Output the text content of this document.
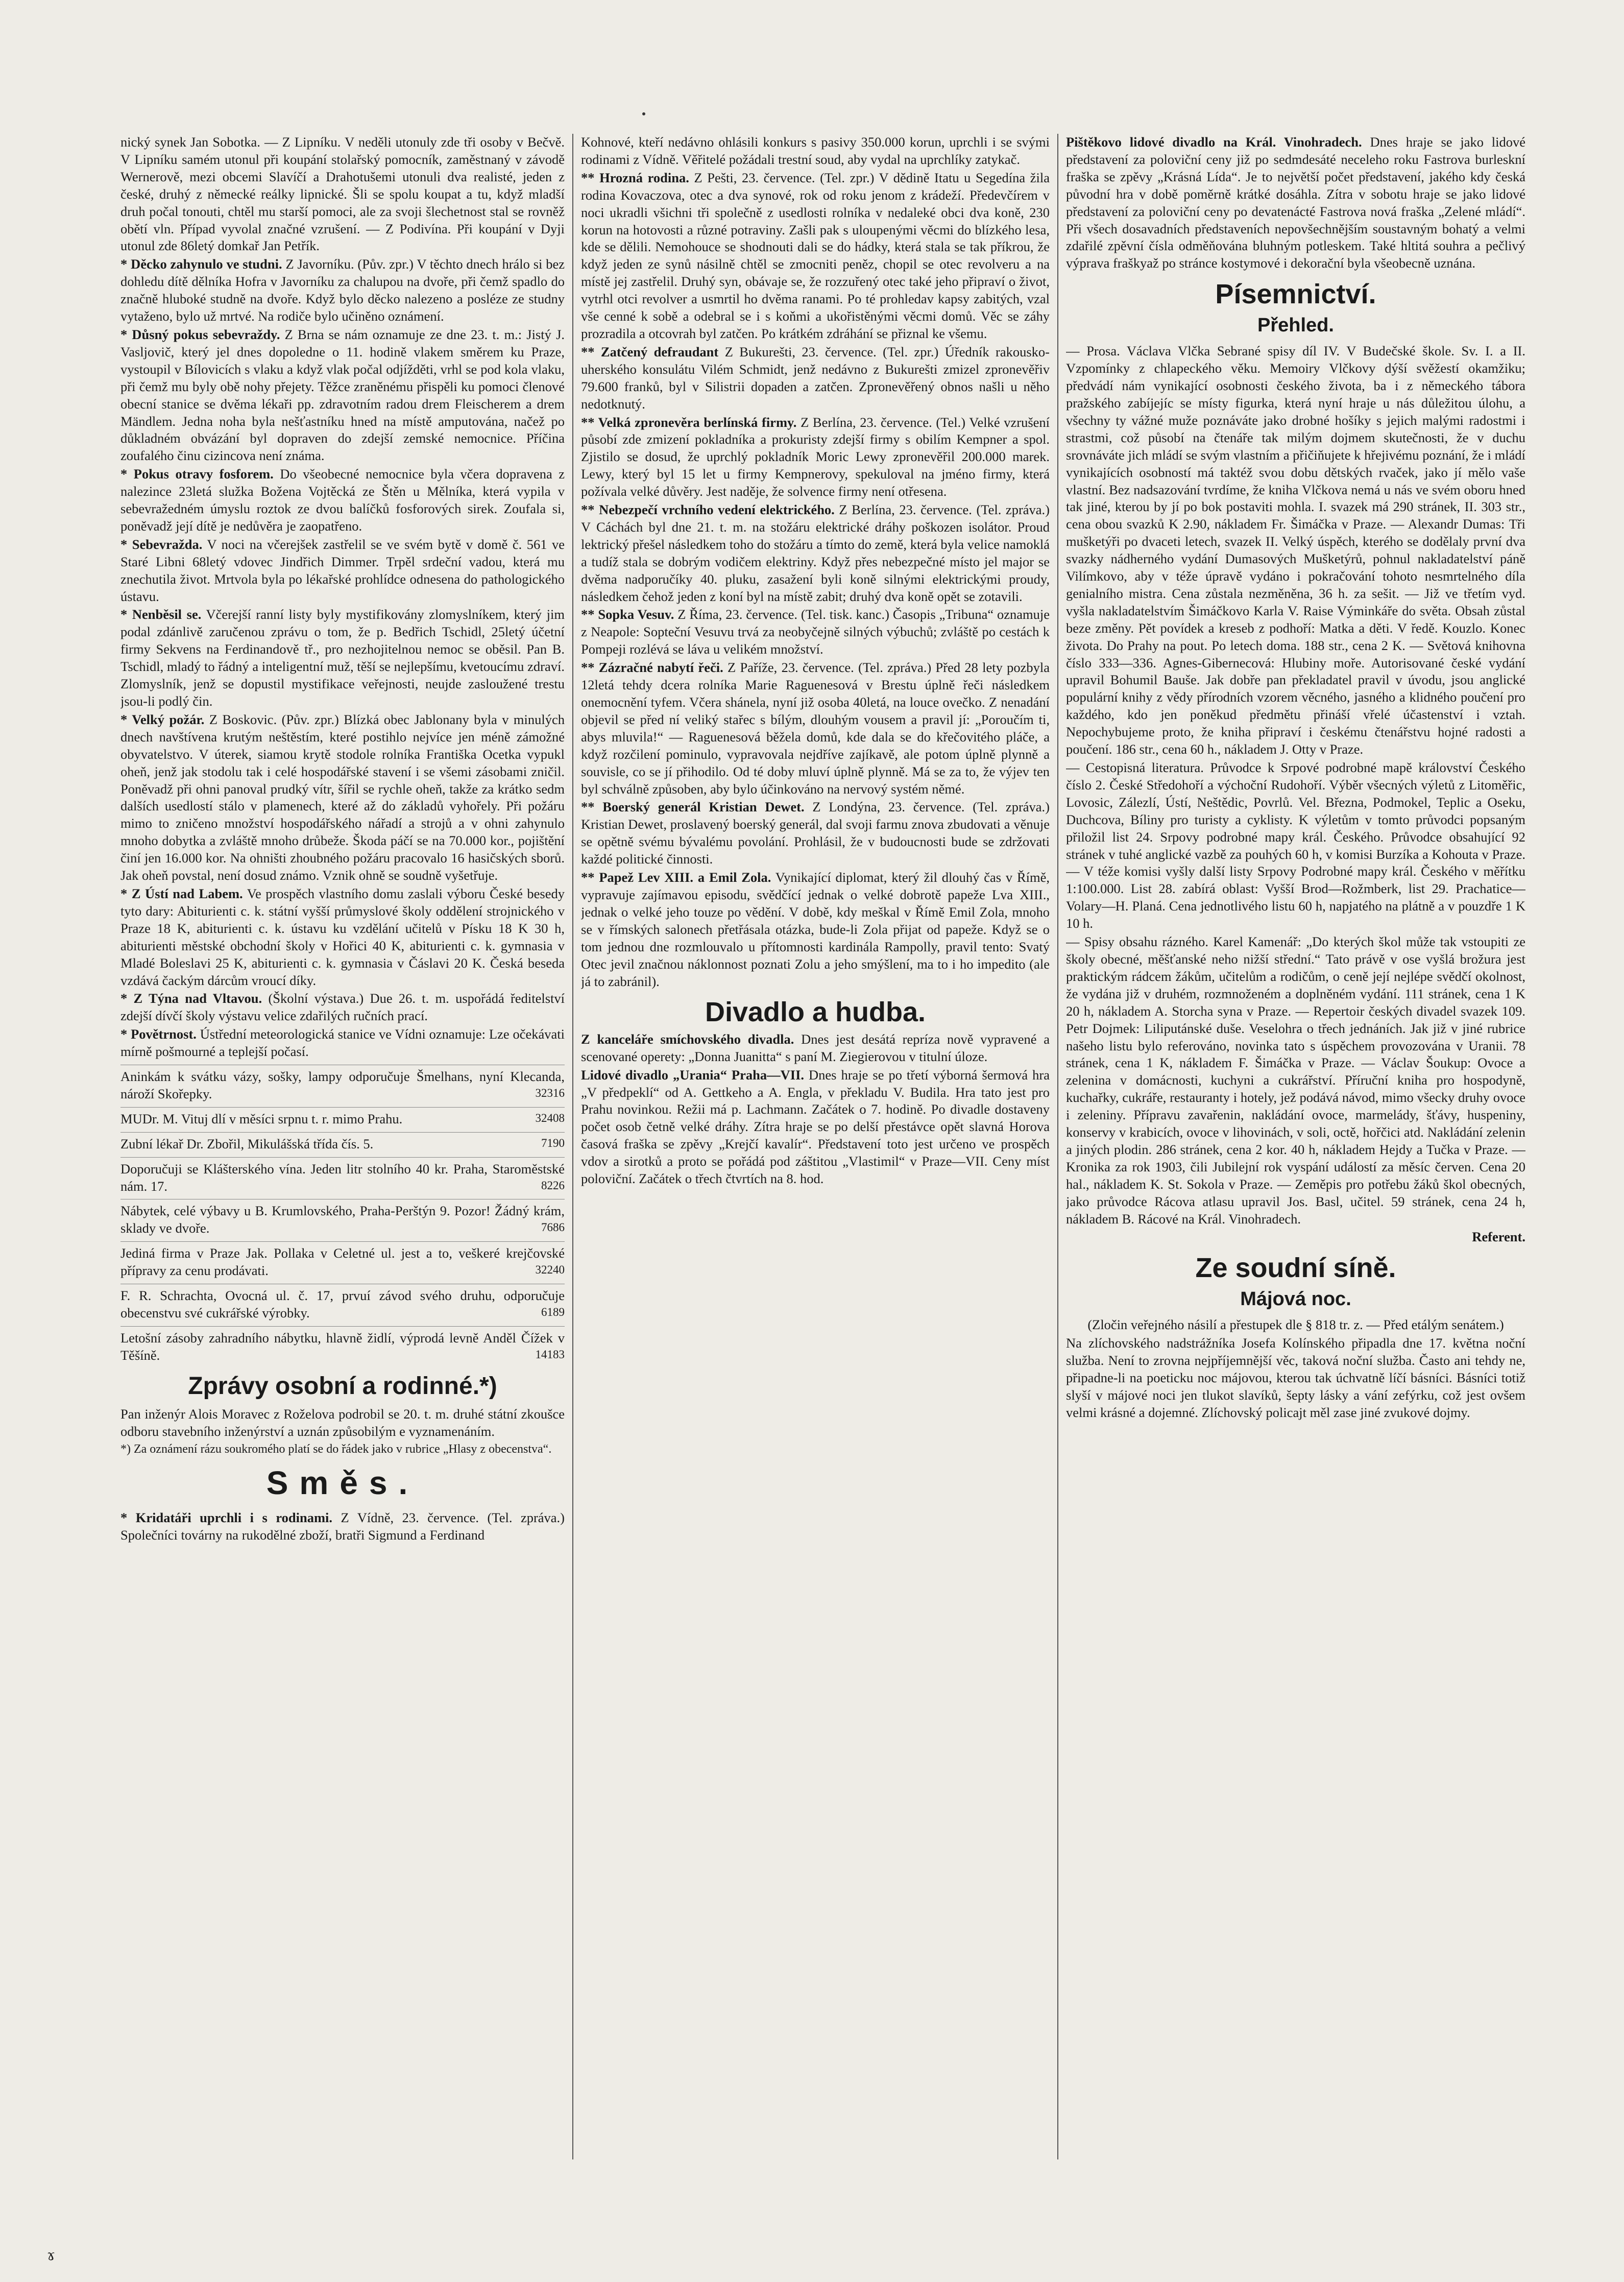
nický synek Jan Sobotka. — Z Lipníku. V neděli utonuly zde tři osoby v Bečvě. V Lipníku samém utonul při koupání stolařský pomocník, zaměstnaný v závodě Wernerově, mezi obcemi Slavíčí a Drahotušemi utonuli dva realisté, jeden z české, druhý z německé reálky lipnické. Šli se spolu koupat a tu, když mladší druh počal tonouti, chtěl mu starší pomoci, ale za svoji šlechetnost stal se rovněž obětí vln. Případ vyvolal značné vzrušení. — Z Podivína. Při koupání v Dyji utonul zde 86letý domkař Jan Petřík.

* Děcko zahynulo ve studni. Z Javorníku. (Pův. zpr.) V těchto dnech hrálo si bez dohledu dítě dělníka Hofra v Javorníku za chalupou na dvoře, při čemž spadlo do značně hluboké studně na dvoře. Když bylo děcko nalezeno a posléze ze studny vytaženo, bylo už mrtvé. Na rodiče bylo učiněno oznámení.

* Důsný pokus sebevraždy. Z Brna se nám oznamuje ze dne 23. t. m.: Jistý J. Vasljovič, který jel dnes dopoledne o 11. hodině vlakem směrem ku Praze, vystoupil v Bílovicích s vlaku a když vlak počal odjížděti, vrhl se pod kola vlaku, při čemž mu byly obě nohy přejety. Těžce zraněnému přispěli ku pomoci členové obecní stanice se dvěma lékaři pp. zdravotním radou drem Fleischerem a drem Mändlem. Jedna noha byla nešťastníku hned na místě amputována, načež po důkladném obvázání byl dopraven do zdejší zemské nemocnice. Příčina zoufalého činu cizincova není známa.

* Pokus otravy fosforem. Do všeobecné nemocnice byla včera dopravena z nalezince 23letá služka Božena Vojtěcká ze Štěn u Mělníka, která vypila v sebevražedném úmyslu roztok ze dvou balíčků fosforových sirek. Zoufala si, poněvadž její dítě je nedůvěra je zaopatřeno.

* Sebevražda. V noci na včerejšek zastřelil se ve svém bytě v domě č. 561 ve Staré Libni 68letý vdovec Jindřich Dimmer. Trpěl srdeční vadou, která mu znechutila život. Mrtvola byla po lékařské prohlídce odnesena do pathologického ústavu.

* Nenběsil se. Včerejší ranní listy byly mystifikovány zlomyslníkem, který jim podal zdánlivě zaručenou zprávu o tom, že p. Bedřich Tschidl, 25letý účetní firmy Sekvens na Ferdinandově tř., pro nezhojitelnou nemoc se oběsil. Pan B. Tschidl, mladý to řádný a inteligentní muž, těší se nejlepšímu, kvetoucímu zdraví. Zlomyslník, jenž se dopustil mystifikace veřejnosti, neujde zasloužené trestu jsou-li podlý čin.

* Velký požár. Z Boskovic. (Pův. zpr.) Blízká obec Jablonany byla v minulých dnech navštívena krutým neštěstím, které postihlo nejvíce jen méně zámožné obyvatelstvo. V úterek, siamou krytě stodole rolníka Františka Ocetka vypukl oheň, jenž jak stodolu tak i celé hospodářské stavení i se všemi zásobami zničil. Poněvadž při ohni panoval prudký vítr, šířil se rychle oheň, takže za krátko sedm dalších usedlostí stálo v plamenech, které až do základů vyhořely. Při požáru mimo to zničeno množství hospodářského nářadí a strojů a v ohni zahynulo mnoho dobytka a zvláště mnoho drůbeže. Škoda páčí se na 70.000 kor., pojištění činí jen 16.000 kor. Na ohništi zhoubného požáru pracovalo 16 hasičských sborů. Jak oheň povstal, není dosud známo. Vznik ohně se soudně vyšetřuje.

* Z Ústí nad Labem. Ve prospěch vlastního domu zaslali výboru České besedy tyto dary: Abiturienti c. k. státní vyšší průmyslové školy oddělení strojnického v Praze 18 K, abiturienti c. k. ústavu ku vzdělání učitelů v Písku 18 K 30 h, abiturienti městské obchodní školy v Hořici 40 K, abiturienti c. k. gymnasia v Mladé Boleslavi 25 K, abiturienti c. k. gymnasia v Čáslavi 20 K. Česká beseda vzdává čackým dárcům vroucí díky.

* Z Týna nad Vltavou. (Školní výstava.) Due 26. t. m. uspořádá ředitelství zdejší dívčí školy výstavu velice zdařilých ručních prací.

* Povětrnost. Ústřední meteorologická stanice ve Vídni oznamuje: Lze očekávati mírně pošmourné a teplejší počasí.

Aninkám k svátku vázy, sošky, lampy odporučuje Šmelhans, nyní Klecanda, nároží Skořepky.	32316
MUDr. M. Vituj dlí v měsíci srpnu t. r. mimo Prahu.	32408
Zubní lékař Dr. Zbořil, Mikulášská třída čís. 5.	7190
Doporučuji se Klášterského vína. Jeden litr stolního 40 kr. Praha, Staroměstské nám. 17.	8226
Nábytek, celé výbavy u B. Krumlovského, Praha-Perštýn 9. Pozor! Žádný krám, sklady ve dvoře.	7686
Jediná firma v Praze Jak. Pollaka v Celetné ul. jest a to, veškeré krejčovské přípravy za cenu prodávati.	32240
F. R. Schrachta, Ovocná ul. č. 17, prvuí závod svého druhu, odporučuje obecenstvu své cukrářské výrobky.	6189
Letošní zásoby zahradního nábytku, hlavně židlí, výprodá levně Anděl Čížek v Těšíně.	14183
Zprávy osobní a rodinné.*)

Pan inženýr Alois Moravec z Roželova podrobil se 20. t. m. druhé státní zkoušce odboru stavebního inženýrství a uznán způsobilým e vyznamenáním.

*) Za oznámení rázu soukromého platí se do řádek jako v rubrice „Hlasy z obecenstva“.

Směs.

* Kridatáři uprchli i s rodinami. Z Vídně, 23. července. (Tel. zpráva.) Společníci továrny na rukodělné zboží, bratři Sigmund a Ferdinand

Kohnové, kteří nedávno ohlásili konkurs s pasivy 350.000 korun, uprchli i se svými rodinami z Vídně. Věřitelé požádali trestní soud, aby vydal na uprchlíky zatykač.

** Hrozná rodina. Z Pešti, 23. července. (Tel. zpr.) V dědině Itatu u Segedína žila rodina Kovaczova, otec a dva synové, rok od roku jenom z krádeží. Předevčírem v noci ukradli všichni tři společně z usedlosti rolníka v nedaleké obci dva koně, 230 korun na hotovosti a různé potraviny. Zašli pak s uloupenými věcmi do blízkého lesa, kde se dělili. Nemohouce se shodnouti dali se do hádky, která stala se tak příkrou, že když jeden ze synů násilně chtěl se zmocniti peněz, chopil se otec revolveru a na místě jej zastřelil. Druhý syn, obávaje se, že rozzuřený otec také jeho připraví o život, vytrhl otci revolver a usmrtil ho dvěma ranami. Po té prohledav kapsy zabitých, vzal vše cenné k sobě a odebral se i s koňmi a ukořistěnými věcmi domů. Věc se záhy prozradila a otcovrah byl zatčen. Po krátkém zdráhání se přiznal ke všemu.

** Zatčený defraudant Z Bukurešti, 23. července. (Tel. zpr.) Úředník rakousko-uherského konsulátu Vilém Schmidt, jenž nedávno z Bukurešti zmizel zpronevěřiv 79.600 franků, byl v Silistrii dopaden a zatčen. Zpronevěřený obnos našli u něho nedotknutý.

** Velká zpronevěra berlínská firmy. Z Berlína, 23. července. (Tel.) Velké vzrušení působí zde zmizení pokladníka a prokuristy zdejší firmy s obilím Kempner a spol. Zjistilo se dosud, že uprchlý pokladník Moric Lewy zpronevěřil 200.000 marek. Lewy, který byl 15 let u firmy Kempnerovy, spekuloval na jméno firmy, která požívala velké důvěry. Jest naděje, že solvence firmy není otřesena.

** Nebezpečí vrchního vedení elektrického. Z Berlína, 23. července. (Tel. zpráva.) V Cáchách byl dne 21. t. m. na stožáru elektrické dráhy poškozen isolátor. Proud lektrický přešel následkem toho do stožáru a tímto do země, která byla velice namoklá a tudíž stala se dobrým vodičem elektriny. Když přes nebezpečné místo jel major se dvěma nadporučíky 40. pluku, zasažení byli koně silnými elektrickými proudy, následkem čehož jeden z koní byl na místě zabit; druhý dva koně opět se zotavili.

** Sopka Vesuv. Z Říma, 23. července. (Tel. tisk. kanc.) Časopis „Tribuna“ oznamuje z Neapole: Sopteční Vesuvu trvá za neobyčejně silných výbuchů; zvláště po cestách k Pompeji rozlévá se láva u velikém množství.

** Zázračné nabytí řeči. Z Paříže, 23. července. (Tel. zpráva.) Před 28 lety pozbyla 12letá tehdy dcera rolníka Marie Raguenesová v Brestu úplně řeči následkem onemocnění tyfem. Včera shánela, nyní již osoba 40letá, na louce ovečko. Z nenadání objevil se před ní veliký stařec s bílým, dlouhým vousem a pravil jí: „Poroučím ti, abys mluvila!“ — Raguenesová běžela domů, kde dala se do křečovitého pláče, a když rozčilení pominulo, vypravovala nejdříve zajíkavě, ale potom úplně plynně a souvisle, co se jí přihodilo. Od té doby mluví úplně plynně. Má se za to, že výjev ten byl schválně způsoben, aby bylo účinkováno na nervový systém němé.

** Boerský generál Kristian Dewet. Z Londýna, 23. července. (Tel. zpráva.) Kristian Dewet, proslavený boerský generál, dal svoji farmu znova zbudovati a věnuje se opětně svému bývalému povolání. Prohlásil, že v budoucnosti bude se zdržovati každé politické činnosti.

** Papež Lev XIII. a Emil Zola. Vynikající diplomat, který žil dlouhý čas v Římě, vypravuje zajímavou episodu, svědčící jednak o velké dobrotě papeže Lva XIII., jednak o velké jeho touze po vědění. V době, kdy meškal v Římě Emil Zola, mnoho se v římských salonech přetřásala otázka, bude-li Zola přijat od papeže. Když se o tom jednou dne rozmlouvalo u přítomnosti kardinála Rampolly, pravil tento: Svatý Otec jevil značnou náklonnost poznati Zolu a jeho smýšlení, ma to i ho impedito (ale já to zabránil).

Divadlo a hudba.

Z kanceláře smíchovského divadla. Dnes jest desátá repríza nově vypravené a scenované operety: „Donna Juanitta“ s paní M. Ziegierovou v titulní úloze.

Lidové divadlo „Urania“ Praha—VII. Dnes hraje se po třetí výborná šermová hra „V předpeklí“ od A. Gettkeho a A. Engla, v překladu V. Budila. Hra tato jest pro Prahu novinkou. Režii má p. Lachmann. Začátek o 7. hodině. Po divadle dostaveny počet osob četně velké dráhy. Zítra hraje se po delší přestávce opět slavná Horova časová fraška se zpěvy „Krejčí kavalír“. Představení toto jest určeno ve prospěch vdov a sirotků a proto se pořádá pod záštitou „Vlastimil“ v Praze—VII. Ceny míst poloviční. Začátek o třech čtvrtích na 8. hod.

Pištěkovo lidové divadlo na Král. Vinohradech. Dnes hraje se jako lidové představení za poloviční ceny již po sedmdesáté neceleho roku Fastrova burleskní fraška se zpěvy „Krásná Lída“. Je to největší počet představení, jakého kdy česká původní hra v době poměrně krátké dosáhla. Zítra v sobotu hraje se jako lidové představení za poloviční ceny po devatenácté Fastrova nová fraška „Zelené mládí“. Při všech dosavadních představeních nepovšechnějším soustavným bohatý a velmi zdařilé zpěvní čísla odměňována bluhným potleskem. Také hltitá souhra a pečlivý výprava fraškyaž po stránce kostymové i dekorační byla všeobecně uznána.

Písemnictví.
Přehled.

— Prosa. Václava Vlčka Sebrané spisy díl IV. V Budečské škole. Sv. I. a II. Vzpomínky z chlapeckého věku. Memoiry Vlčkovy dýší svěžestí okamžiku; předvádí nám vynikající osobnosti českého života, ba i z německého tábora pražského zabíjejíc se místy figurka, která nyní hraje u nás důležitou úlohu, a všechny ty vážné muže poznáváte jako drobné hošíky s jejich malými radostmi i strastmi, což působí na čtenáře tak milým dojmem skutečnosti, že v duchu srovnáváte jich mládí se svým vlastním a přičiňujete k hřejivému poznání, že i mládí vynikajících osobností má taktéž svou dobu dětských rvaček, jako jí mělo vaše vlastní. Bez nadsazování tvrdíme, že kniha Vlčkova nemá u nás ve svém oboru hned tak jiné, kterou by jí po bok postaviti mohla. I. svazek má 290 stránek, II. 303 str., cena obou svazků K 2.90, nákladem Fr. Šimáčka v Praze. — Alexandr Dumas: Tři mušketýři po dvaceti letech, svazek II. Velký úspěch, kterého se dodělaly první dva svazky nádherného vydání Dumasových Mušketýrů, pohnul nakladatelství páně Vilímkovo, aby v téže úpravě vydáno i pokračování tohoto nesmrtelného díla genialního mistra. Cena zůstala nezměněna, 36 h. za sešit. — Již ve třetím vyd. vyšla nakladatelstvím Šimáčkovo Karla V. Raise Výminkáře do světa. Obsah zůstal beze změny. Pět povídek a kreseb z podhoří: Matka a děti. V ředě. Kouzlo. Konec života. Do Prahy na pout. Po letech doma. 188 str., cena 2 K. — Světová knihovna číslo 333—336. Agnes-Gibernecová: Hlubiny moře. Autorisované české vydání upravil Bohumil Bauše. Jak dobře pan překladatel pravil v úvodu, jsou anglické populární knihy z vědy přírodních vzorem věcného, jasného a klidného poučení pro každého, kdo jen poněkud předmětu přináší vřelé účastenství i vztah. Nepochybujeme proto, že kniha připraví i českému čtenářstvu hojné radosti a poučení. 186 str., cena 60 h., nákladem J. Otty v Praze.

— Cestopisná literatura. Průvodce k Srpové podrobné mapě království Českého číslo 2. České Středohoří a výchoční Rudohoří. Výběr všecných výletů z Litoměřic, Lovosic, Zálezlí, Ústí, Neštědic, Povrlů. Vel. Března, Podmokel, Teplic a Oseku, Duchcova, Bíliny pro turisty a cyklisty. K výletům v tomto průvodci popsaným přiložil list 24. Srpovy podrobné mapy král. Českého. Průvodce obsahující 92 stránek v tuhé anglické vazbě za pouhých 60 h, v komisi Burzíka a Kohouta v Praze. — V téže komisi vyšly další listy Srpovy Podrobné mapy král. Českého v měřítku 1:100.000. List 28. zabírá oblast: Vyšší Brod—Rožmberk, list 29. Prachatice—Volary—H. Planá. Cena jednotlivého listu 60 h, napjatého na plátně a v pouzdře 1 K 10 h.

— Spisy obsahu rázného. Karel Kamenář: „Do kterých škol může tak vstoupiti ze školy obecné, měšťanské neho nižší střední.“ Tato právě v ose vyšlá brožura jest praktickým rádcem žákům, učitelům a rodičům, o ceně její nejlépe svědčí okolnost, že vydána již v druhém, rozmnoženém a doplněném vydání. 111 stránek, cena 1 K 20 h, nákladem A. Storcha syna v Praze. — Repertoir českých divadel svazek 109. Petr Dojmek: Liliputánské duše. Veselohra o třech jednáních. Jak již v jiné rubrice našeho listu bylo referováno, novinka tato s úspěchem provozována v Uranii. 78 stránek, cena 1 K, nákladem F. Šimáčka v Praze. — Václav Šoukup: Ovoce a zelenina v domácnosti, kuchyni a cukrářství. Příruční kniha pro hospodyně, kuchařky, cukráře, restauranty i hotely, jež podává návod, mimo všecky druhy ovoce i zeleniny. Přípravu zavařenin, nakládání ovoce, marmelády, šťávy, huspeniny, konservy v krabicích, ovoce v lihovinách, v soli, octě, hořčici atd. Nakládání zelenin a jiných plodin. 286 stránek, cena 2 kor. 40 h, nákladem Hejdy a Tučka v Praze. — Kronika za rok 1903, čili Jubilejní rok vyspání událostí za měsíc červen. Cena 20 hal., nákladem K. St. Sokola v Praze. — Zeměpis pro potřebu žáků škol obecných, jako průvodce Rácova atlasu upravil Jos. Basl, učitel. 59 stránek, cena 24 h, nákladem B. Rácové na Král. Vinohradech.

Referent.

Ze soudní síně.
Májová noc.

(Zločin veřejného násilí a přestupek dle § 818 tr. z. — Před etálým senátem.)

Na zlíchovského nadstrážníka Josefa Kolínského připadla dne 17. května noční služba. Není to zrovna nejpříjemnější věc, taková noční služba. Často ani tehdy ne, připadne-li na poeticku noc májovou, kterou tak úchvatně líčí básníci. Básníci totiž slyší v májové noci jen tlukot slavíků, šepty lásky a vání zefýrku, což jest ovšem velmi krásné a dojemné. Zlíchovský policajt měl zase jiné zvukové dojmy.

ɤ
